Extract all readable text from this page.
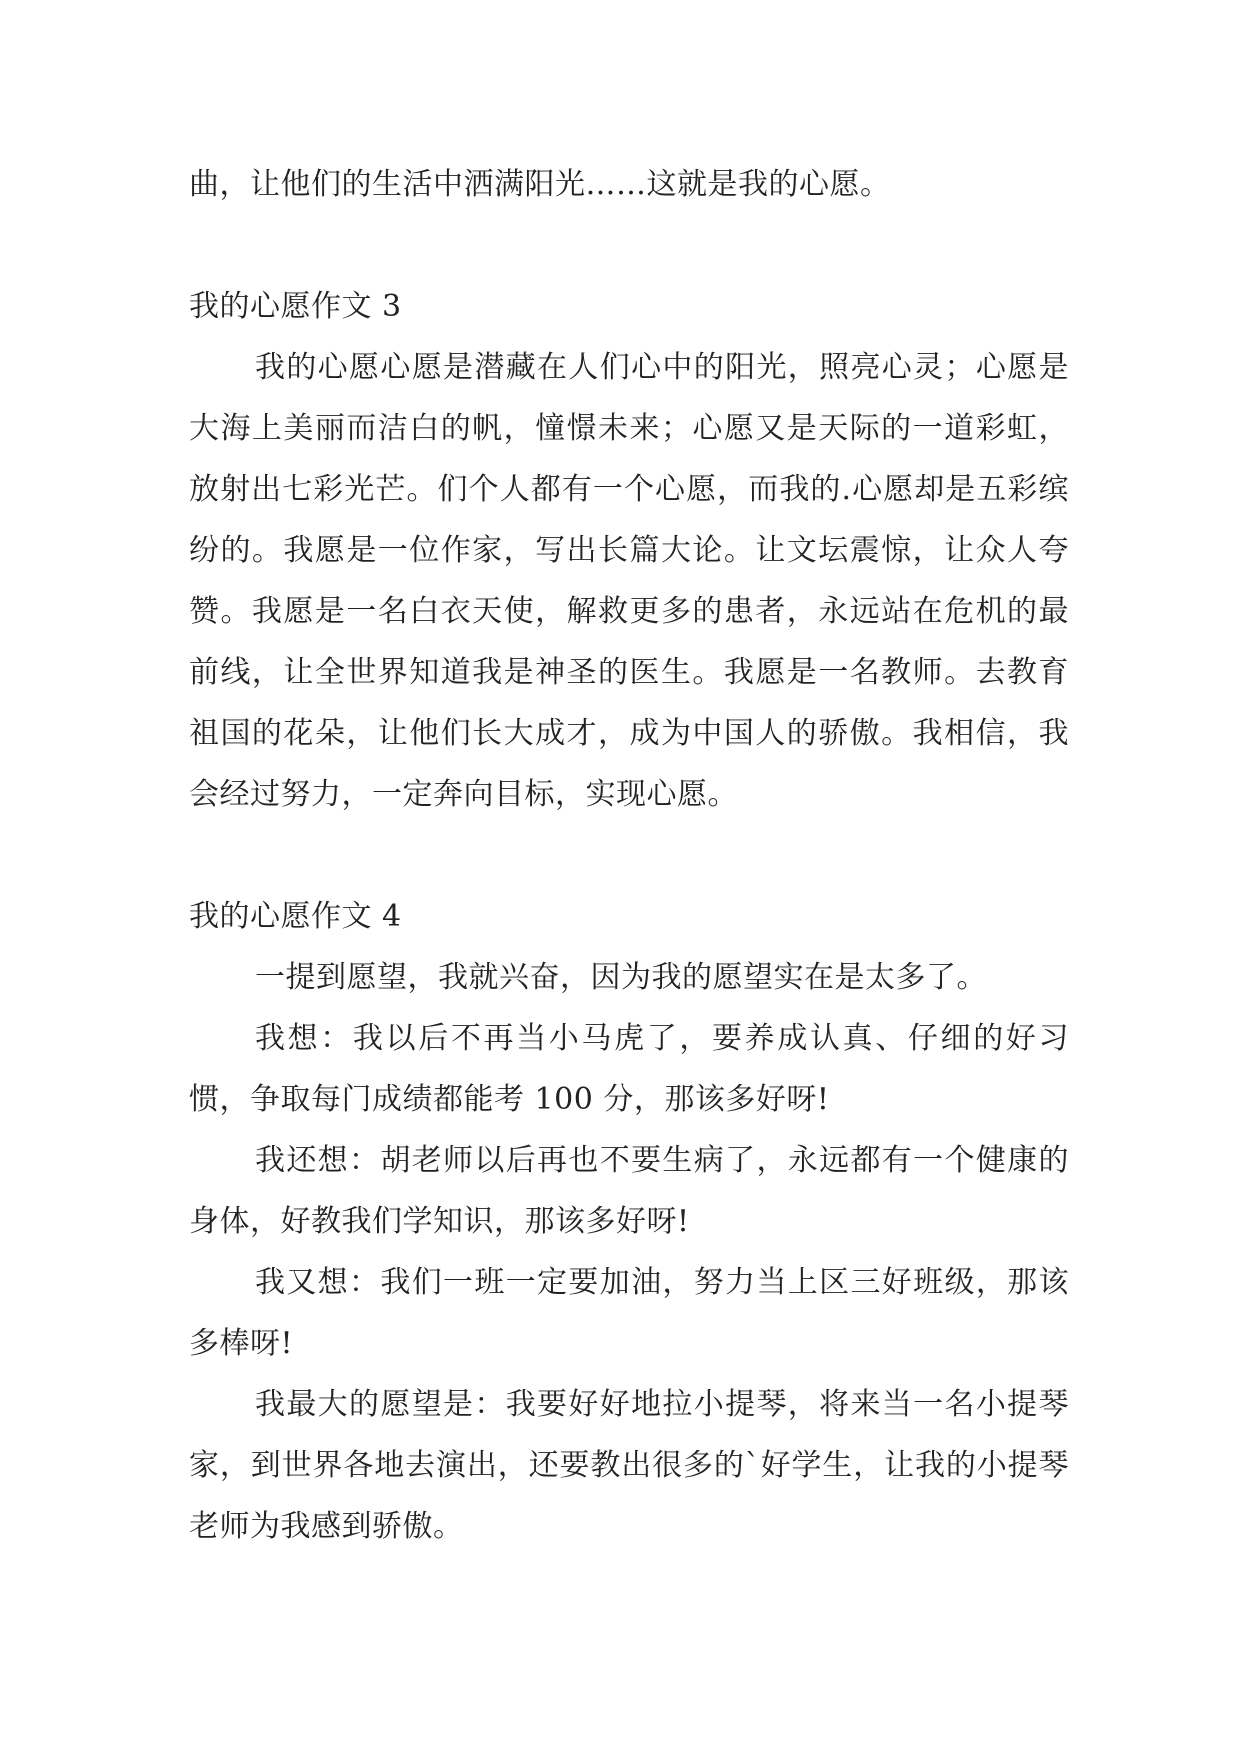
曲，让他们的生活中洒满阳光……这就是我的心愿。

我的心愿作文 3

我的心愿心愿是潜藏在人们心中的阳光，照亮心灵；心愿是大海上美丽而洁白的帆，憧憬未来；心愿又是天际的一道彩虹，放射出七彩光芒。们个人都有一个心愿，而我的.心愿却是五彩缤纷的。我愿是一位作家，写出长篇大论。让文坛震惊，让众人夸赞。我愿是一名白衣天使，解救更多的患者，永远站在危机的最前线，让全世界知道我是神圣的医生。我愿是一名教师。去教育祖国的花朵，让他们长大成才，成为中国人的骄傲。我相信，我会经过努力，一定奔向目标，实现心愿。

我的心愿作文 4

一提到愿望，我就兴奋，因为我的愿望实在是太多了。

我想：我以后不再当小马虎了，要养成认真、仔细的好习惯，争取每门成绩都能考 100 分，那该多好呀!

我还想：胡老师以后再也不要生病了，永远都有一个健康的身体，好教我们学知识，那该多好呀!

我又想：我们一班一定要加油，努力当上区三好班级，那该多棒呀!

我最大的愿望是：我要好好地拉小提琴，将来当一名小提琴家，到世界各地去演出，还要教出很多的`好学生，让我的小提琴老师为我感到骄傲。
